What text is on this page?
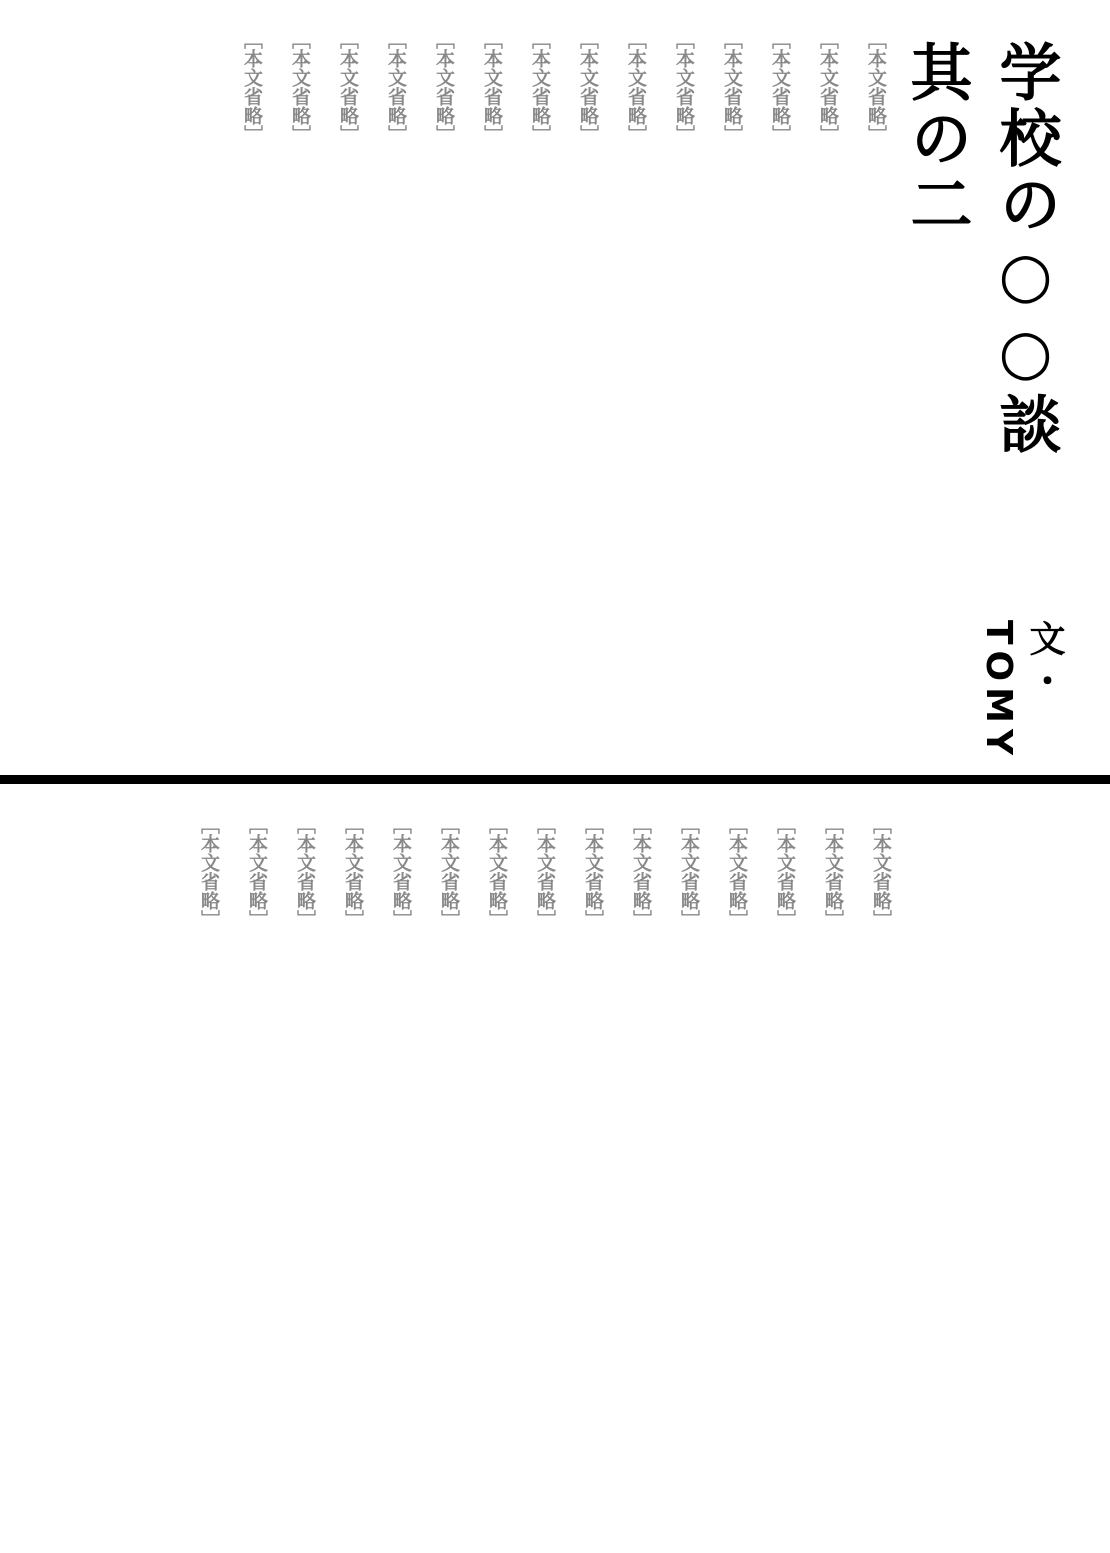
学校の○○談 其の二
文・TOMY
［本文省略］
［本文省略］
［本文省略］
［本文省略］
［本文省略］
［本文省略］
［本文省略］
［本文省略］
［本文省略］
［本文省略］
［本文省略］
［本文省略］
［本文省略］
［本文省略］
［本文省略］
［本文省略］
［本文省略］
［本文省略］
［本文省略］
［本文省略］
［本文省略］
［本文省略］
［本文省略］
［本文省略］
［本文省略］
［本文省略］
［本文省略］
［本文省略］
［本文省略］
